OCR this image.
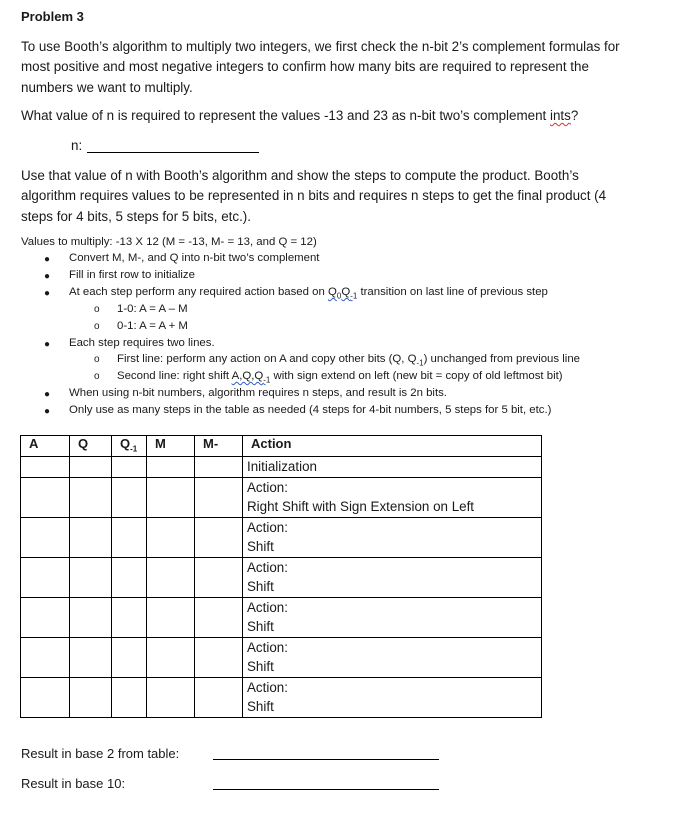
Problem 3
To use Booth’s algorithm to multiply two integers, we first check the n-bit 2’s complement formulas for
most positive and most negative integers to confirm how many bits are required to represent the
numbers we want to multiply.
What value of n is required to represent the values -13 and 23 as n-bit two’s complement ints?
n:
Use that value of n with Booth’s algorithm and show the steps to compute the product. Booth’s
algorithm requires values to be represented in n bits and requires n steps to get the final product (4
steps for 4 bits, 5 steps for 5 bits, etc.).
Values to multiply: -13 X 12 (M = -13, M- = 13, and Q = 12)
● Convert M, M-, and Q into n-bit two’s complement
● Fill in first row to initialize
● At each step perform any required action based on $Q_0Q_{-1}$ transition on last line of previous step
o 1-0: A = A – M
o 0-1: A = A + M
● Each step requires two lines.
o First line: perform any action on A and copy other bits (Q, $Q_{-1}$) unchanged from previous line
o Second line: right shift $A,Q,Q_{-1}$ with sign extend on left (new bit = copy of old leftmost bit)
● When using n-bit numbers, algorithm requires n steps, and result is 2n bits.
● Only use as many steps in the table as needed (4 steps for 4-bit numbers, 5 steps for 5 bit, etc.)
A	Q	$Q_{-1}$	M	M-	Action
					Initialization

					Action:
Right Shift with Sign Extension on Left

					Action:
Shift

					Action:
Shift

					Action:
Shift

					Action:
Shift

					Action:
Shift
Result in base 2 from table:
Result in base 10:
